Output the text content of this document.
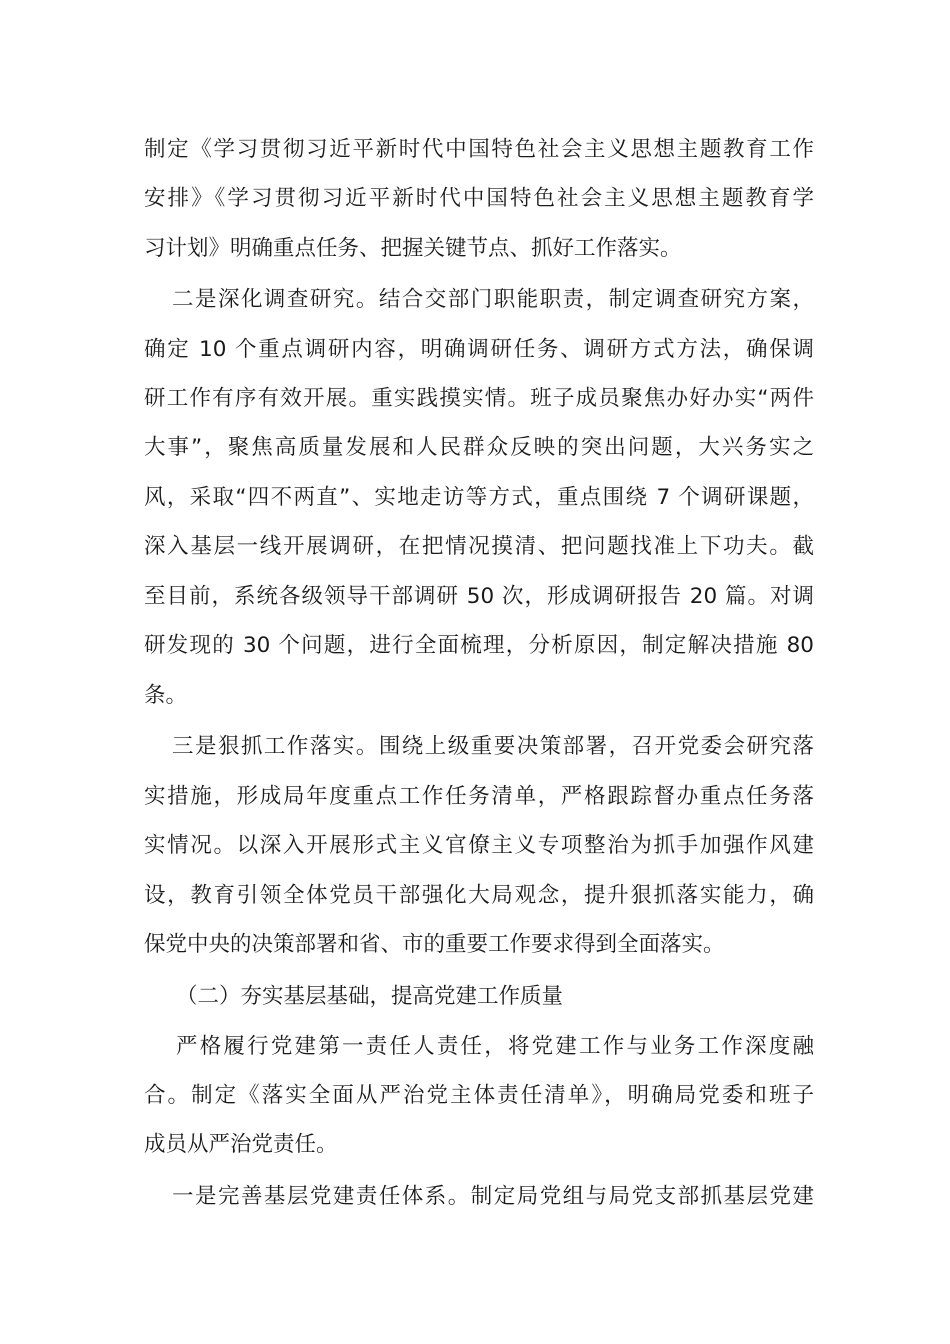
制定《学习贯彻习近平新时代中国特色社会主义思想主题教育工作
安排》《学习贯彻习近平新时代中国特色社会主义思想主题教育学
习计划》明确重点任务、把握关键节点、抓好工作落实。
二是深化调查研究。结合交部门职能职责，制定调查研究方案，
确定 10 个重点调研内容，明确调研任务、调研方式方法，确保调
研工作有序有效开展。重实践摸实情。班子成员聚焦办好办实“两件
大事”，聚焦高质量发展和人民群众反映的突出问题，大兴务实之
风，采取“四不两直”、实地走访等方式，重点围绕 7 个调研课题，
深入基层一线开展调研，在把情况摸清、把问题找准上下功夫。截
至目前，系统各级领导干部调研 50 次，形成调研报告 20 篇。对调
研发现的 30 个问题，进行全面梳理，分析原因，制定解决措施 80
条。
三是狠抓工作落实。围绕上级重要决策部署，召开党委会研究落
实措施，形成局年度重点工作任务清单，严格跟踪督办重点任务落
实情况。以深入开展形式主义官僚主义专项整治为抓手加强作风建
设，教育引领全体党员干部强化大局观念，提升狠抓落实能力，确
保党中央的决策部署和省、市的重要工作要求得到全面落实。
（二）夯实基层基础，提高党建工作质量
严格履行党建第一责任人责任，将党建工作与业务工作深度融
合。制定《落实全面从严治党主体责任清单》，明确局党委和班子
成员从严治党责任。
一是完善基层党建责任体系。制定局党组与局党支部抓基层党建
